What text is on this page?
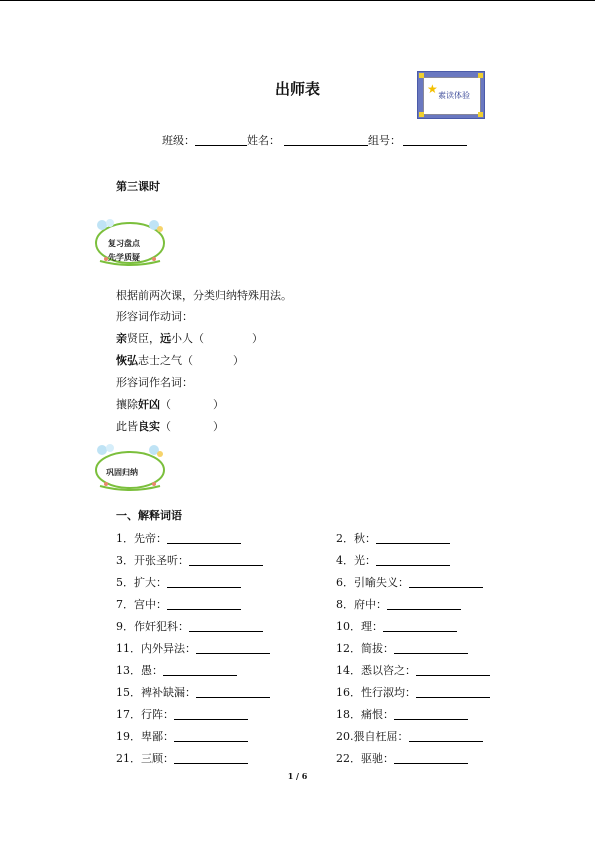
出师表	★ 素读体验
班级：	姓名：	组号：
第三课时
复习盘点
先学质疑
根据前两次课，分类归纳特殊用法。
形容词作动词：
亲贤臣，远小人（	）
恢弘志士之气（	）
形容词作名词：
攘除奸凶（	）
此皆良实（	）
巩固归纳
一、解释词语
1．先帝：	2．秋：
3．开张圣听：	4．光：
5．扩大：	6．引喻失义：
7．宫中：	8．府中：
9．作奸犯科：	10．理：
11．内外异法：	12．简拔：
13．愚：	14．悉以咨之：
15．裨补缺漏：	16．性行淑均：
17．行阵：	18．痛恨：
19．卑鄙：	20.猥自枉屈：
21．三顾：	22．驱驰：
1 / 6
